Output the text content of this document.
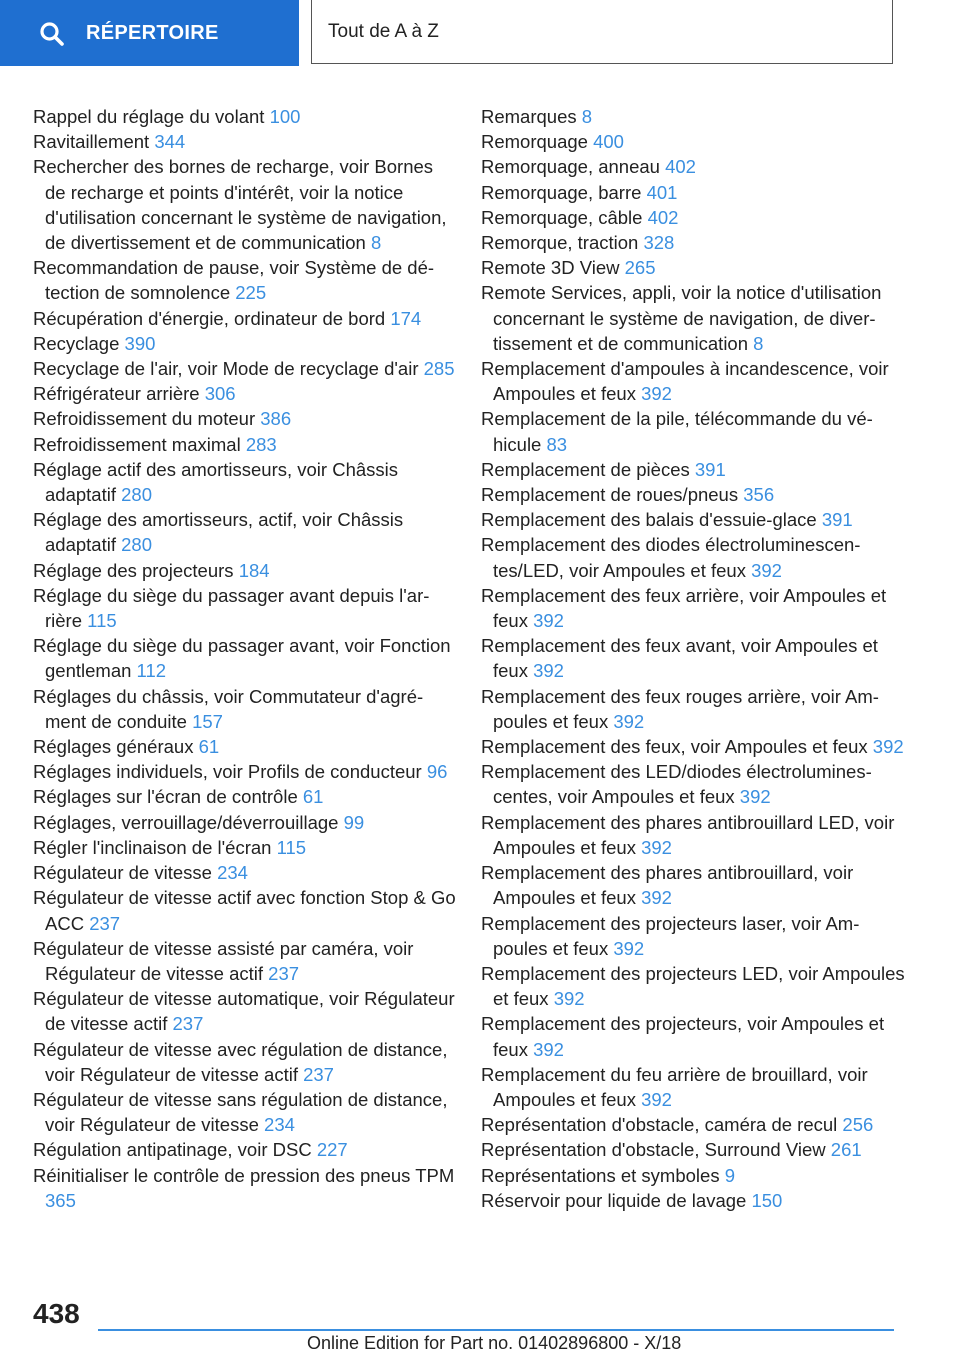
RÉPERTOIRE	Tout de A à Z
Rappel du réglage du volant 100
Ravitaillement 344
Rechercher des bornes de recharge, voir Bornes de recharge et points d'intérêt, voir la notice d'utilisation concernant le système de navigation, de divertissement et de communication 8
Recommandation de pause, voir Système de détection de somnolence 225
Récupération d'énergie, ordinateur de bord 174
Recyclage 390
Recyclage de l'air, voir Mode de recyclage d'air 285
Réfrigérateur arrière 306
Refroidissement du moteur 386
Refroidissement maximal 283
Réglage actif des amortisseurs, voir Châssis adaptatif 280
Réglage des amortisseurs, actif, voir Châssis adaptatif 280
Réglage des projecteurs 184
Réglage du siège du passager avant depuis l'arrière 115
Réglage du siège du passager avant, voir Fonction gentleman 112
Réglages du châssis, voir Commutateur d'agrément de conduite 157
Réglages généraux 61
Réglages individuels, voir Profils de conducteur 96
Réglages sur l'écran de contrôle 61
Réglages, verrouillage/déverrouillage 99
Régler l'inclinaison de l'écran 115
Régulateur de vitesse 234
Régulateur de vitesse actif avec fonction Stop & Go ACC 237
Régulateur de vitesse assisté par caméra, voir Régulateur de vitesse actif 237
Régulateur de vitesse automatique, voir Régulateur de vitesse actif 237
Régulateur de vitesse avec régulation de distance, voir Régulateur de vitesse actif 237
Régulateur de vitesse sans régulation de distance, voir Régulateur de vitesse 234
Régulation antipatinage, voir DSC 227
Réinitialiser le contrôle de pression des pneus TPM 365
Remarques 8
Remorquage 400
Remorquage, anneau 402
Remorquage, barre 401
Remorquage, câble 402
Remorque, traction 328
Remote 3D View 265
Remote Services, appli, voir la notice d'utilisation concernant le système de navigation, de divertissement et de communication 8
Remplacement d'ampoules à incandescence, voir Ampoules et feux 392
Remplacement de la pile, télécommande du véhicule 83
Remplacement de pièces 391
Remplacement de roues/pneus 356
Remplacement des balais d'essuie-glace 391
Remplacement des diodes électroluminescentes/LED, voir Ampoules et feux 392
Remplacement des feux arrière, voir Ampoules et feux 392
Remplacement des feux avant, voir Ampoules et feux 392
Remplacement des feux rouges arrière, voir Ampoules et feux 392
Remplacement des feux, voir Ampoules et feux 392
Remplacement des LED/diodes électroluminescentes, voir Ampoules et feux 392
Remplacement des phares antibrouillard LED, voir Ampoules et feux 392
Remplacement des phares antibrouillard, voir Ampoules et feux 392
Remplacement des projecteurs laser, voir Ampoules et feux 392
Remplacement des projecteurs LED, voir Ampoules et feux 392
Remplacement des projecteurs, voir Ampoules et feux 392
Remplacement du feu arrière de brouillard, voir Ampoules et feux 392
Représentation d'obstacle, caméra de recul 256
Représentation d'obstacle, Surround View 261
Représentations et symboles 9
Réservoir pour liquide de lavage 150
438
Online Edition for Part no. 01402896800 - X/18
